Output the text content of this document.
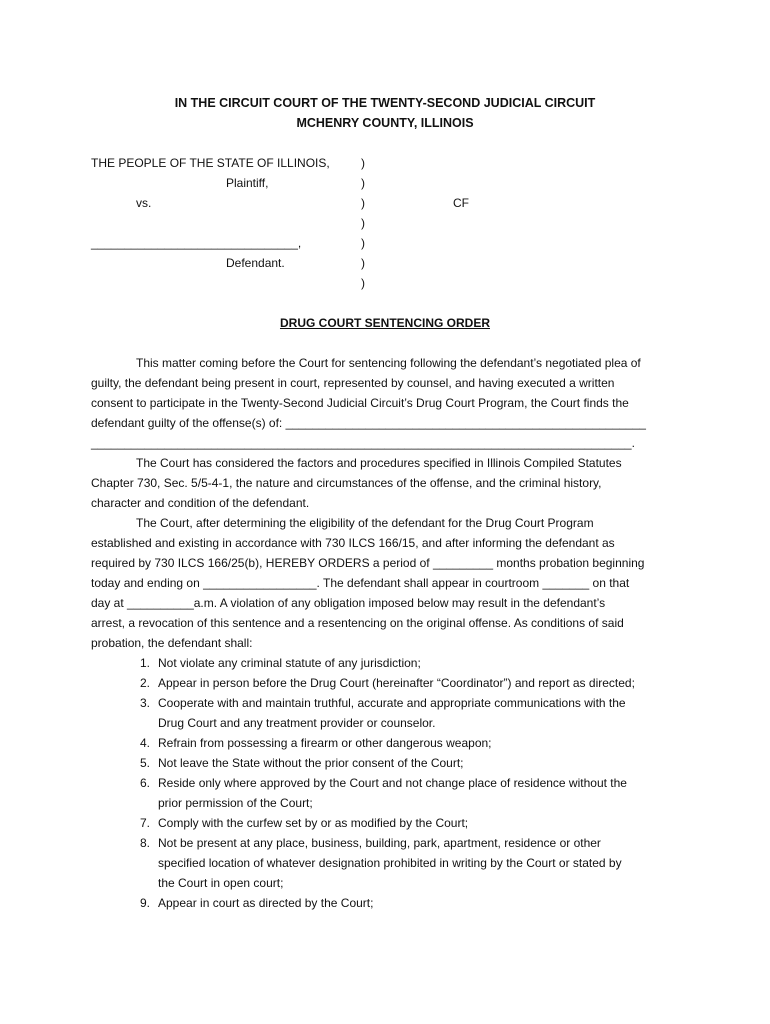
IN THE CIRCUIT COURT OF THE TWENTY-SECOND JUDICIAL CIRCUIT
MCHENRY COUNTY, ILLINOIS
THE PEOPLE OF THE STATE OF ILLINOIS,
Plaintiff,
vs.
_______________________________,
Defendant.
CF
)
)
)
)
)
)
)
DRUG COURT SENTENCING ORDER
This matter coming before the Court for sentencing following the defendant’s negotiated plea of
guilty, the defendant being present in court, represented by counsel, and having executed a written
consent to participate in the Twenty-Second Judicial Circuit’s Drug Court Program, the Court finds the
defendant guilty of the offense(s) of: ______________________________________________________
_________________________________________________________________________________.
The Court has considered the factors and procedures specified in Illinois Compiled Statutes
Chapter 730, Sec. 5/5-4-1, the nature and circumstances of the offense, and the criminal history,
character and condition of the defendant.
The Court, after determining the eligibility of the defendant for the Drug Court Program
established and existing in accordance with 730 ILCS 166/15, and after informing the defendant as
required by 730 ILCS 166/25(b), HEREBY ORDERS a period of _________ months probation beginning
today and ending on _________________. The defendant shall appear in courtroom _______ on that
day at __________a.m. A violation of any obligation imposed below may result in the defendant’s
arrest, a revocation of this sentence and a resentencing on the original offense. As conditions of said
probation, the defendant shall:
1. Not violate any criminal statute of any jurisdiction;
2. Appear in person before the Drug Court (hereinafter “Coordinator”) and report as directed;
3. Cooperate with and maintain truthful, accurate and appropriate communications with the
Drug Court and any treatment provider or counselor.
4. Refrain from possessing a firearm or other dangerous weapon;
5. Not leave the State without the prior consent of the Court;
6. Reside only where approved by the Court and not change place of residence without the
prior permission of the Court;
7. Comply with the curfew set by or as modified by the Court;
8. Not be present at any place, business, building, park, apartment, residence or other
specified location of whatever designation prohibited in writing by the Court or stated by
the Court in open court;
9. Appear in court as directed by the Court;
